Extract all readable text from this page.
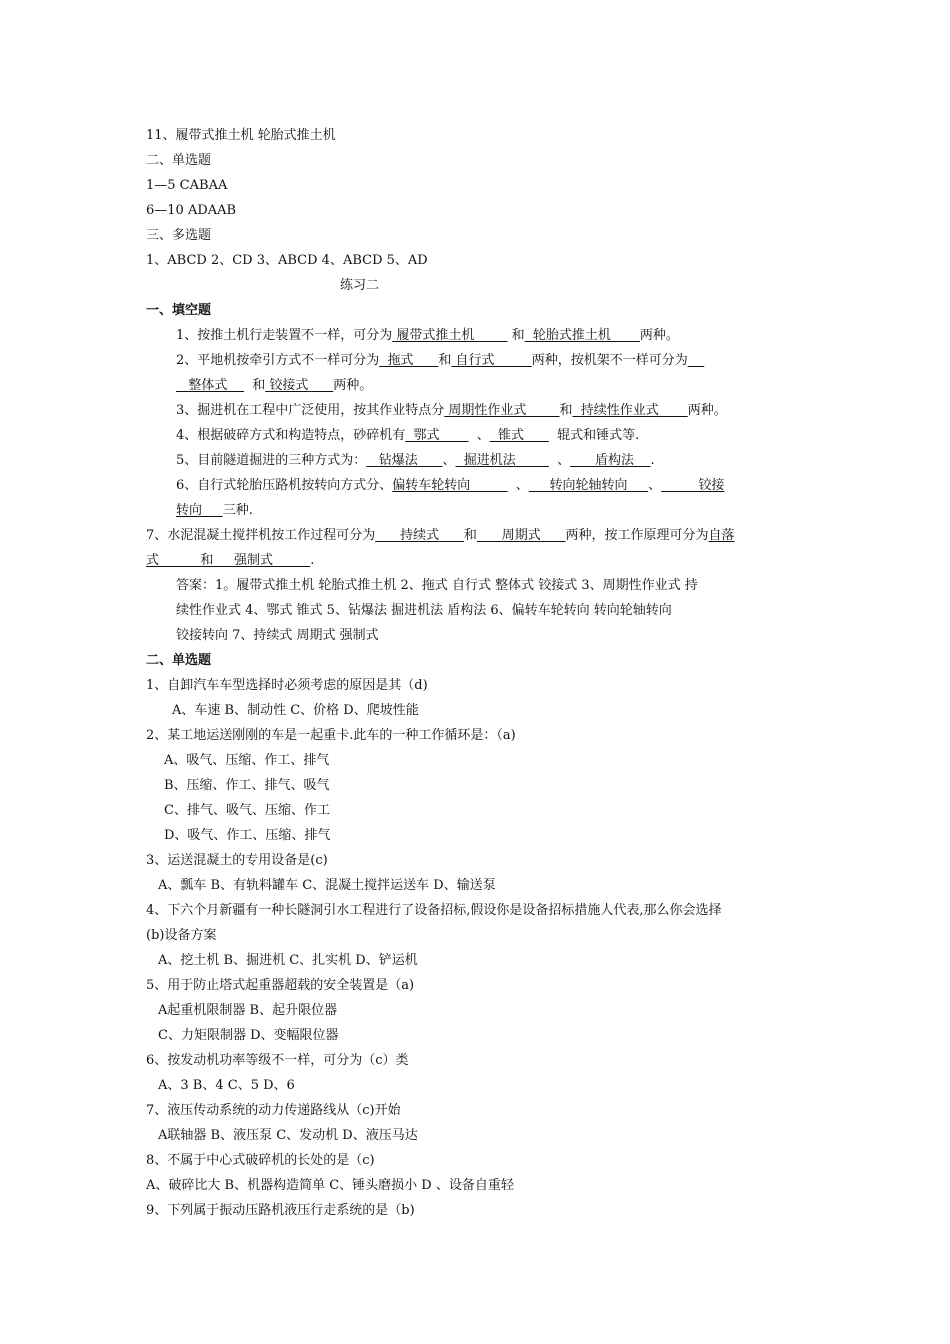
11、履带式推土机 轮胎式推土机
二、单选题
1—5 CABAA
6—10 ADAAB
三、多选题
1、ABCD 2、CD 3、ABCD 4、ABCD 5、AD
练习二
一、填空题
1、按推土机行走装置不一样，可分为 履带式推土机	和 轮胎式推土机 两种。
2、平地机按牵引方式不一样可分为 拖式 和 自行式	两种，按机架不一样可分为
整体式 和 铰接式 两种。
3、掘进机在工程中广泛使用，按其作业特点分 周期性作业式	和 持续性作业式 两种。
4、根据破碎方式和构造特点，砂碎机有 鄂式	、 锥式	辊式和锤式等.
5、目前隧道掘进的三种方式为： 钻爆法 、 掘进机法	、 盾构法 .
6、自行式轮胎压路机按转向方式分、偏转车轮转向	、 转向轮轴转向 、	铰接
转向 三种.
7、水泥混凝土搅拌机按工作过程可分为 持续式 和 周期式 两种，按工作原理可分为自落
式	和 强制式	.
答案：1。履带式推土机 轮胎式推土机 2、拖式 自行式 整体式 铰接式 3、周期性作业式 持
续性作业式 4、鄂式 锥式 5、钻爆法 掘进机法 盾构法 6、偏转车轮转向 转向轮轴转向
铰接转向 7、持续式 周期式 强制式
二、单选题
1、自卸汽车车型选择时必须考虑的原因是其（d)
A、车速 B、制动性 C、价格 D、爬坡性能
2、某工地运送刚刚的车是一起重卡.此车的一种工作循环是：（a)
A、吸气、压缩、作工、排气
B、压缩、作工、排气、吸气
C、排气、吸气、压缩、作工
D、吸气、作工、压缩、排气
3、运送混凝土的专用设备是(c)
A、瓢车 B、有轨料罐车 C、混凝土搅拌运送车 D、输送泵
4、下六个月新疆有一种长隧洞引水工程进行了设备招标,假设你是设备招标措施人代表,那么你会选择
(b)设备方案
A、挖土机 B、掘进机 C、扎实机 D、铲运机
5、用于防止塔式起重器超载的安全装置是（a)
A起重机限制器 B、起升限位器
C、力矩限制器 D、变幅限位器
6、按发动机功率等级不一样，可分为（c）类
A、3 B、4 C、5 D、6
7、液压传动系统的动力传递路线从（c)开始
A联轴器 B、液压泵 C、发动机 D、液压马达
8、不属于中心式破碎机的长处的是（c)
A、破碎比大 B、机器构造简单 C、锤头磨损小 D 、设备自重轻
9、下列属于振动压路机液压行走系统的是（b)
